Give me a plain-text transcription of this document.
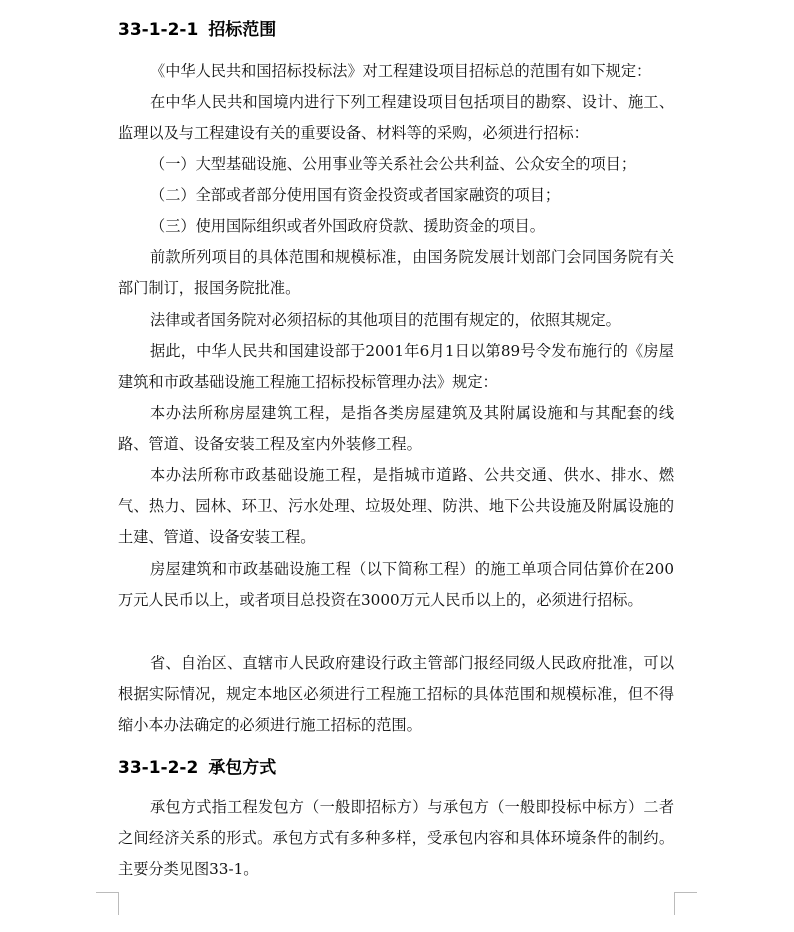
33-1-2-1 招标范围
《中华人民共和国招标投标法》对工程建设项目招标总的范围有如下规定：
在中华人民共和国境内进行下列工程建设项目包括项目的勘察、设计、施工、监理以及与工程建设有关的重要设备、材料等的采购，必须进行招标：
（一）大型基础设施、公用事业等关系社会公共利益、公众安全的项目；
（二）全部或者部分使用国有资金投资或者国家融资的项目；
（三）使用国际组织或者外国政府贷款、援助资金的项目。
前款所列项目的具体范围和规模标准，由国务院发展计划部门会同国务院有关部门制订，报国务院批准。
法律或者国务院对必须招标的其他项目的范围有规定的，依照其规定。
据此，中华人民共和国建设部于2001年6月1日以第89号令发布施行的《房屋建筑和市政基础设施工程施工招标投标管理办法》规定：
本办法所称房屋建筑工程，是指各类房屋建筑及其附属设施和与其配套的线路、管道、设备安装工程及室内外装修工程。
本办法所称市政基础设施工程，是指城市道路、公共交通、供水、排水、燃气、热力、园林、环卫、污水处理、垃圾处理、防洪、地下公共设施及附属设施的土建、管道、设备安装工程。
房屋建筑和市政基础设施工程（以下简称工程）的施工单项合同估算价在200万元人民币以上，或者项目总投资在3000万元人民币以上的，必须进行招标。
省、自治区、直辖市人民政府建设行政主管部门报经同级人民政府批准，可以根据实际情况，规定本地区必须进行工程施工招标的具体范围和规模标准，但不得缩小本办法确定的必须进行施工招标的范围。
33-1-2-2 承包方式
承包方式指工程发包方（一般即招标方）与承包方（一般即投标中标方）二者之间经济关系的形式。承包方式有多种多样，受承包内容和具体环境条件的制约。主要分类见图33-1。
